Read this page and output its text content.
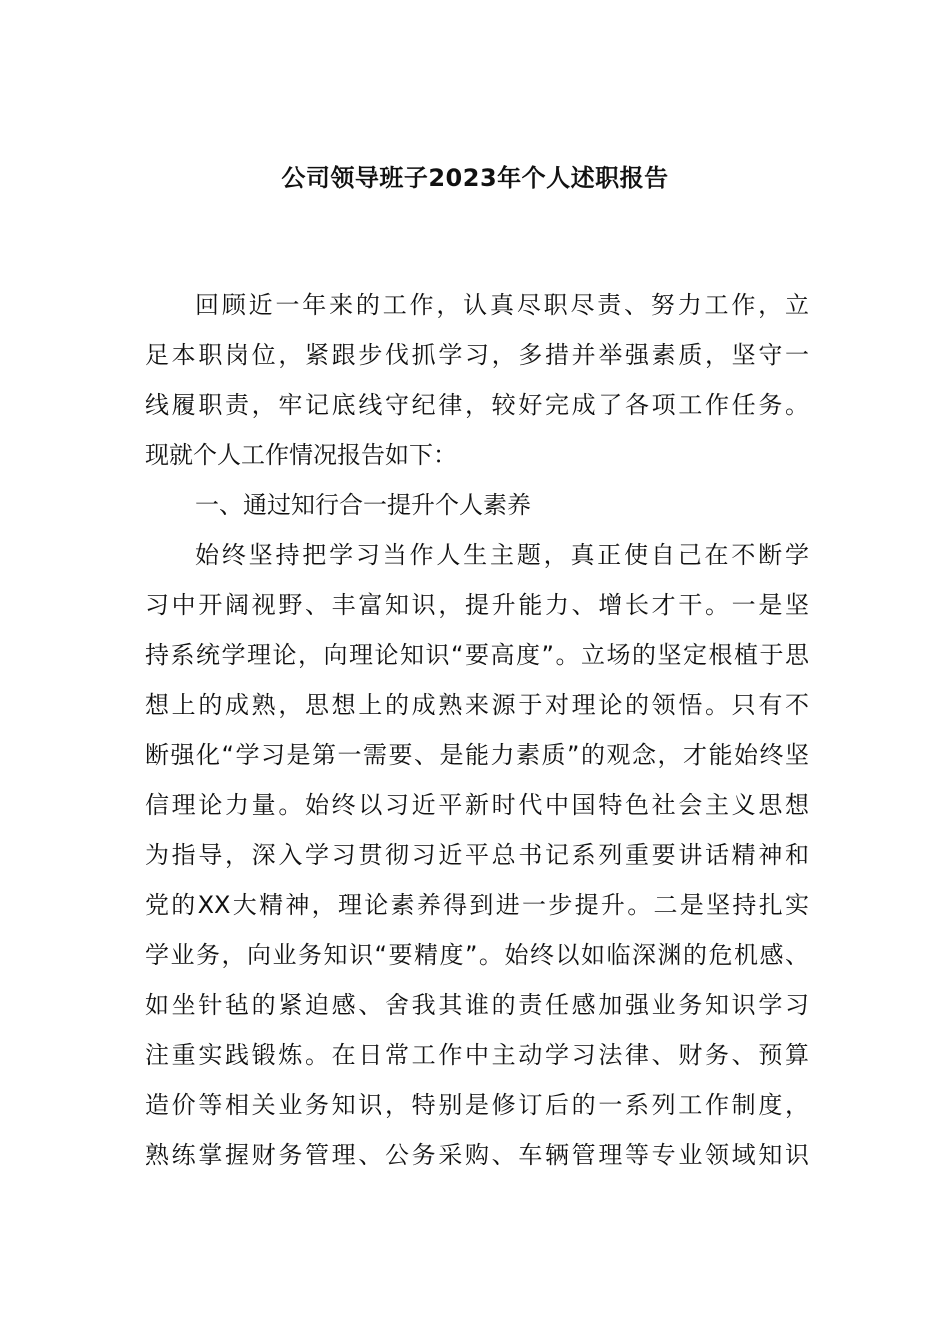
公司领导班子2023年个人述职报告
回顾近一年来的工作，认真尽职尽责、努力工作，立
足本职岗位，紧跟步伐抓学习，多措并举强素质，坚守一
线履职责，牢记底线守纪律，较好完成了各项工作任务。
现就个人工作情况报告如下：
一、通过知行合一提升个人素养
始终坚持把学习当作人生主题，真正使自己在不断学
习中开阔视野、丰富知识，提升能力、增长才干。一是坚
持系统学理论，向理论知识“要高度”。立场的坚定根植于思
想上的成熟，思想上的成熟来源于对理论的领悟。只有不
断强化“学习是第一需要、是能力素质”的观念，才能始终坚
信理论力量。始终以习近平新时代中国特色社会主义思想
为指导，深入学习贯彻习近平总书记系列重要讲话精神和
党的XX大精神，理论素养得到进一步提升。二是坚持扎实
学业务，向业务知识“要精度”。始终以如临深渊的危机感、
如坐针毡的紧迫感、舍我其谁的责任感加强业务知识学习
注重实践锻炼。在日常工作中主动学习法律、财务、预算
造价等相关业务知识，特别是修订后的一系列工作制度，
熟练掌握财务管理、公务采购、车辆管理等专业领域知识
